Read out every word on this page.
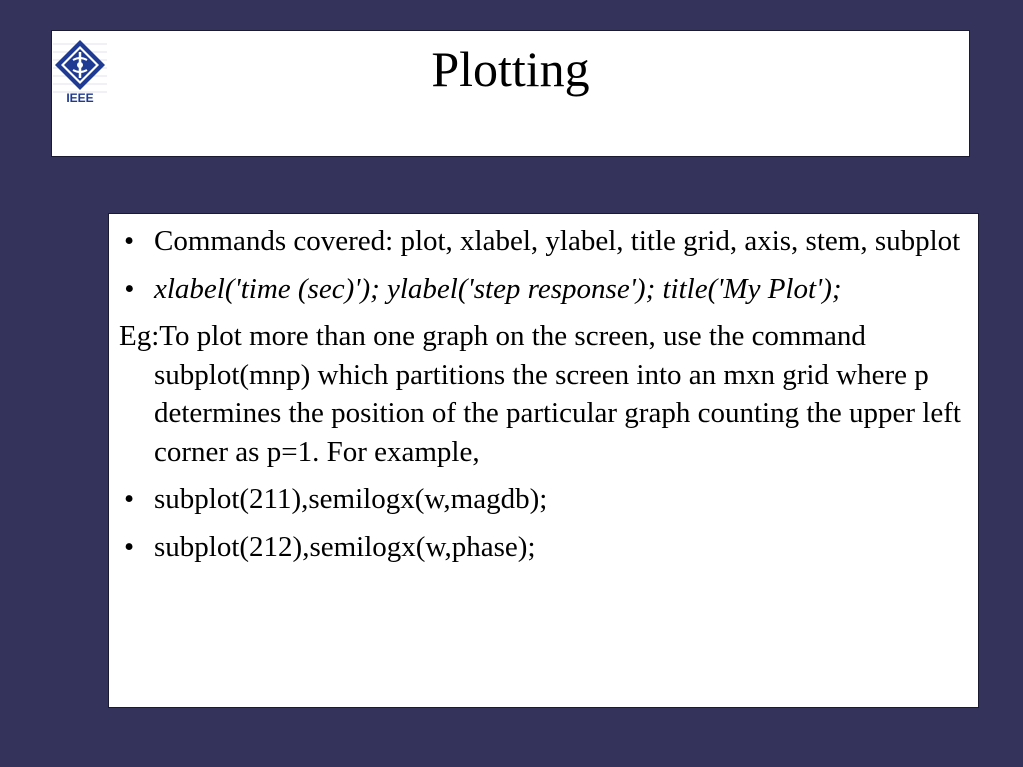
IEEE
Plotting
• Commands covered: plot, xlabel, ylabel, title grid, axis, stem, subplot
• xlabel('time (sec)'); ylabel('step response'); title('My Plot');
Eg:To plot more than one graph on the screen, use the command subplot(mnp) which partitions the screen into an mxn grid where p determines the position of the particular graph counting the upper left corner as p=1. For example,
• subplot(211),semilogx(w,magdb);
• subplot(212),semilogx(w,phase);
